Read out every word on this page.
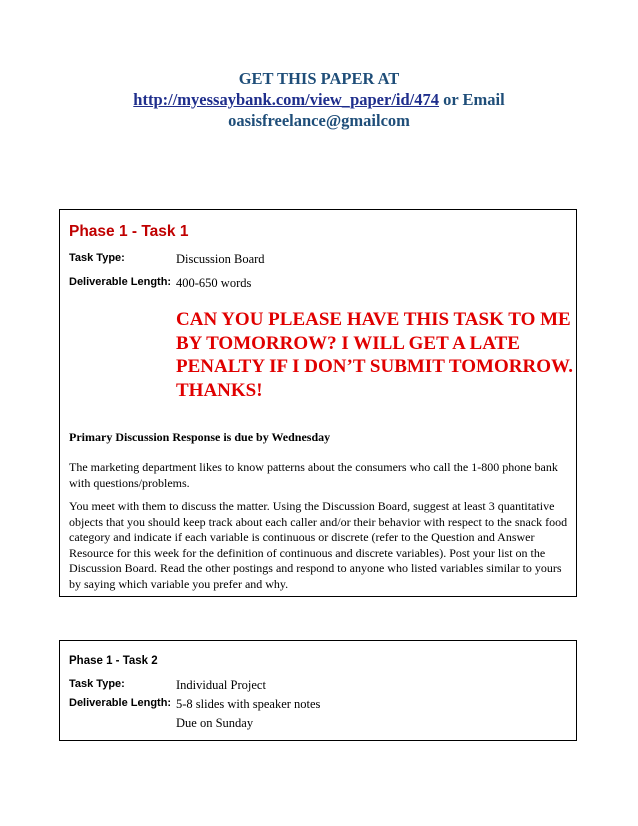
GET THIS PAPER AT
http://myessaybank.com/view_paper/id/474 or Email
oasisfreelance@gmailcom
Phase 1 - Task 1
Task Type:	Discussion Board
Deliverable Length: 400-650 words
CAN YOU PLEASE HAVE THIS TASK TO ME BY TOMORROW? I WILL GET A LATE PENALTY IF I DON’T SUBMIT TOMORROW. THANKS!
Primary Discussion Response is due by Wednesday
The marketing department likes to know patterns about the consumers who call the 1-800 phone bank with questions/problems.
You meet with them to discuss the matter. Using the Discussion Board, suggest at least 3 quantitative objects that you should keep track about each caller and/or their behavior with respect to the snack food category and indicate if each variable is continuous or discrete (refer to the Question and Answer Resource for this week for the definition of continuous and discrete variables). Post your list on the Discussion Board. Read the other postings and respond to anyone who listed variables similar to yours by saying which variable you prefer and why.
Phase 1 - Task 2
Task Type:	Individual Project
Deliverable Length: 5-8 slides with speaker notes
Due on Sunday
